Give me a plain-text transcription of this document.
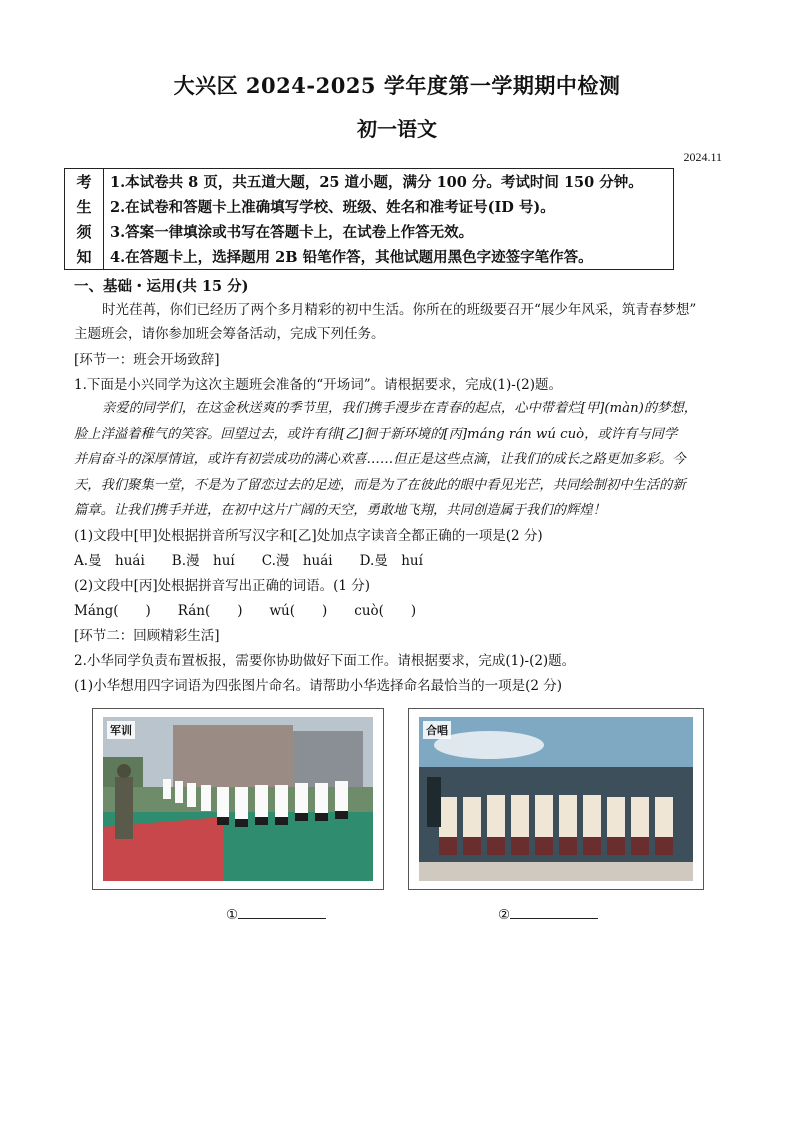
大兴区 2024-2025 学年度第一学期期中检测
初一语文
2024.11
考
生
须
知
1.本试卷共 8 页，共五道大题，25 道小题，满分 100 分。考试时间 150 分钟。
2.在试卷和答题卡上准确填写学校、班级、姓名和准考证号(ID 号)。
3.答案一律填涂或书写在答题卡上，在试卷上作答无效。
4.在答题卡上，选择题用 2B 铅笔作答，其他试题用黑色字迹签字笔作答。
一、基础・运用(共 15 分)
时光荏苒，你们已经历了两个多月精彩的初中生活。你所在的班级要召开“展少年风采，筑青春梦想”
主题班会，请你参加班会筹备活动，完成下列任务。
[环节一：班会开场致辞]
1.下面是小兴同学为这次主题班会准备的“开场词”。请根据要求，完成(1)-(2)题。
亲爱的同学们，在这金秋送爽的季节里，我们携手漫步在青春的起点，心中带着烂[甲](màn)的梦想，
脸上洋溢着稚气的笑容。回望过去，或许有徘[乙]徊于新环境的[丙]máng rán wú cuò，或许有与同学
并肩奋斗的深厚情谊，或许有初尝成功的满心欢喜……但正是这些点滴，让我们的成长之路更加多彩。今
天，我们聚集一堂，不是为了留恋过去的足迹，而是为了在彼此的眼中看见光芒，共同绘制初中生活的新
篇章。让我们携手并进，在初中这片广阔的天空，勇敢地飞翔，共同创造属于我们的辉煌！
(1)文段中[甲]处根据拼音所写汉字和[乙]处加点字读音全都正确的一项是(2 分)
A.曼　huái　　B.漫　huí　　C.漫　huái　　D.曼　huí
(2)文段中[丙]处根据拼音写出正确的词语。(1 分)
Máng(　　)　　Rán(　　)　　wú(　　)　　cuò(　　)
[环节二：回顾精彩生活]
2.小华同学负责布置板报，需要你协助做好下面工作。请根据要求，完成(1)-(2)题。
(1)小华想用四字词语为四张图片命名。请帮助小华选择命名最恰当的一项是(2 分)
军训	合唱
①	②
